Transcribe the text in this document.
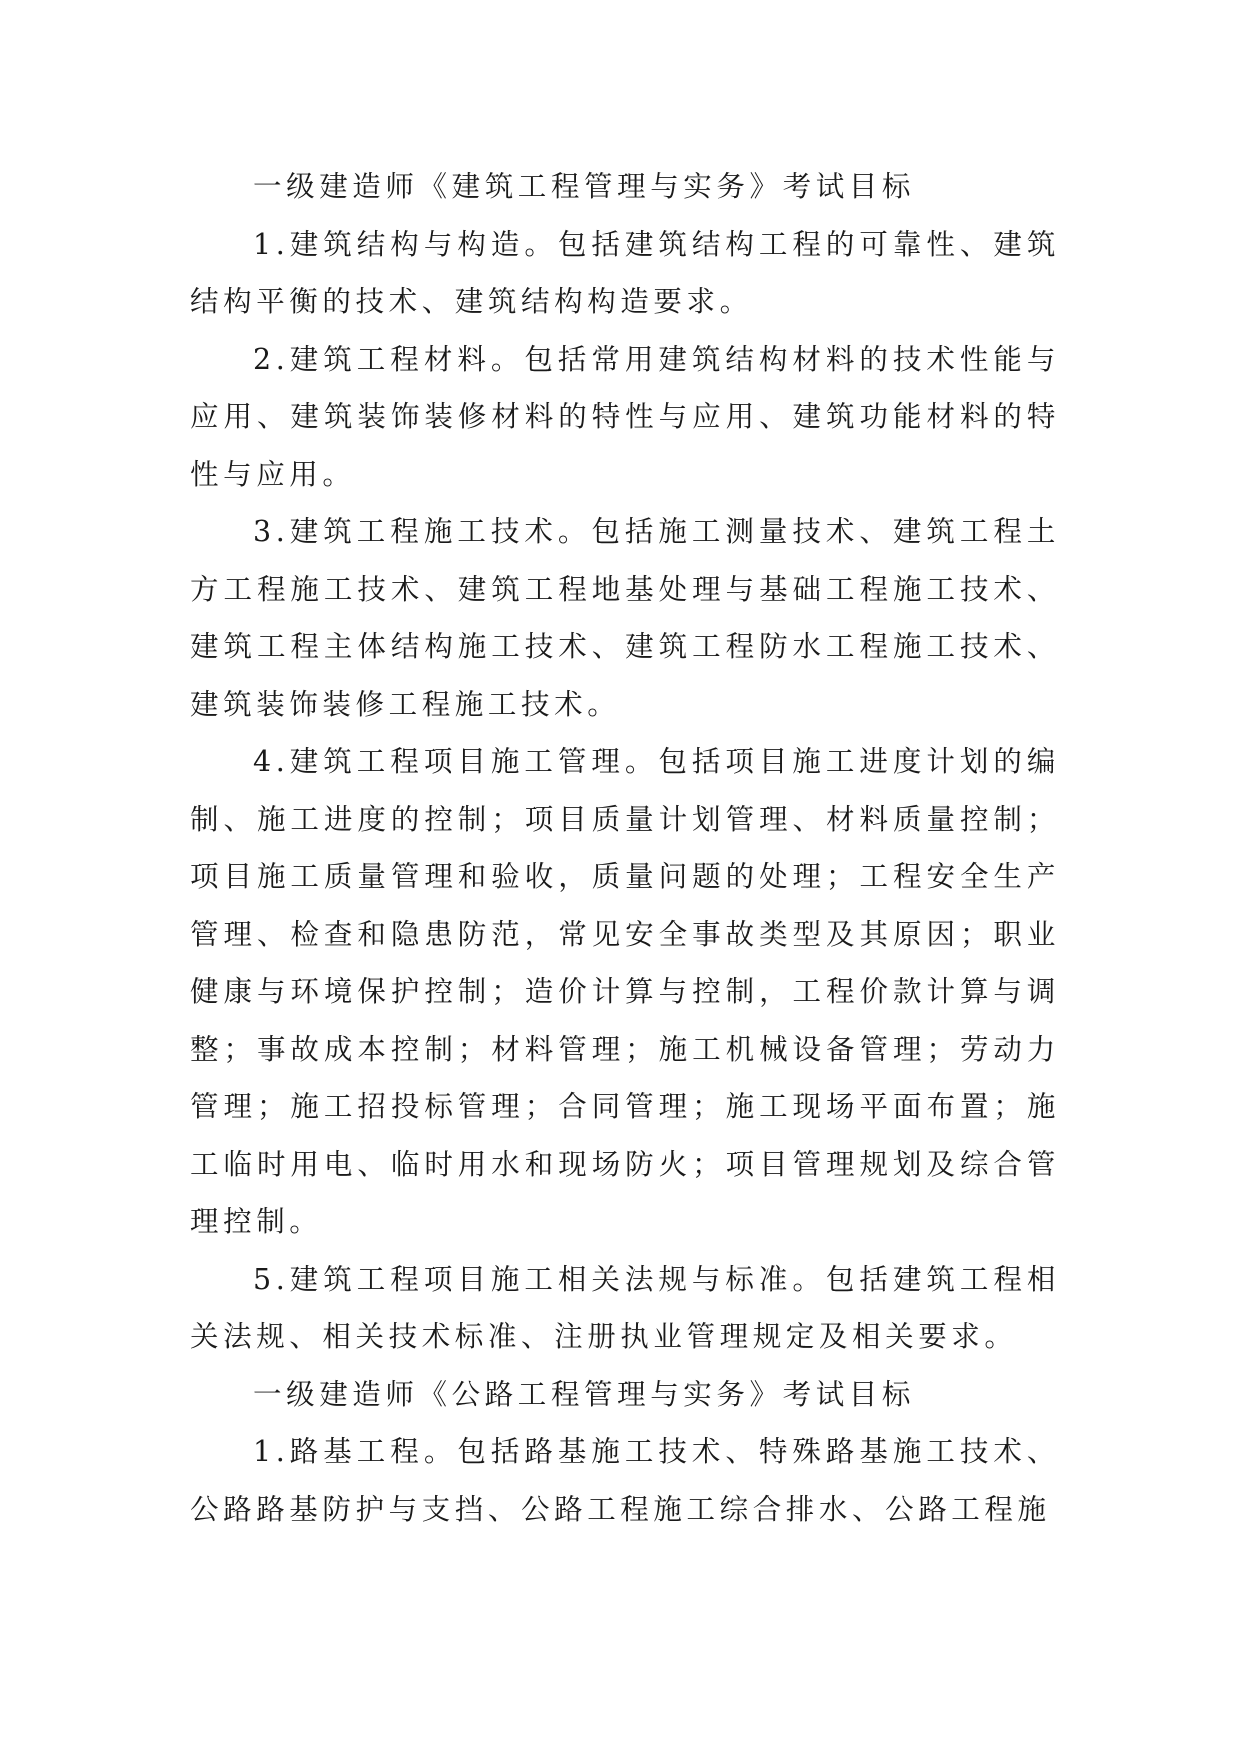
一级建造师《建筑工程管理与实务》考试目标

1.建筑结构与构造。包括建筑结构工程的可靠性、建筑结构平衡的技术、建筑结构构造要求。

2.建筑工程材料。包括常用建筑结构材料的技术性能与应用、建筑装饰装修材料的特性与应用、建筑功能材料的特性与应用。

3.建筑工程施工技术。包括施工测量技术、建筑工程土方工程施工技术、建筑工程地基处理与基础工程施工技术、建筑工程主体结构施工技术、建筑工程防水工程施工技术、建筑装饰装修工程施工技术。

4.建筑工程项目施工管理。包括项目施工进度计划的编制、施工进度的控制；项目质量计划管理、材料质量控制；项目施工质量管理和验收，质量问题的处理；工程安全生产管理、检查和隐患防范，常见安全事故类型及其原因；职业健康与环境保护控制；造价计算与控制，工程价款计算与调整；事故成本控制；材料管理；施工机械设备管理；劳动力管理；施工招投标管理；合同管理；施工现场平面布置；施工临时用电、临时用水和现场防火；项目管理规划及综合管理控制。

5.建筑工程项目施工相关法规与标准。包括建筑工程相关法规、相关技术标准、注册执业管理规定及相关要求。

一级建造师《公路工程管理与实务》考试目标

1.路基工程。包括路基施工技术、特殊路基施工技术、公路路基防护与支挡、公路工程施工综合排水、公路工程施
